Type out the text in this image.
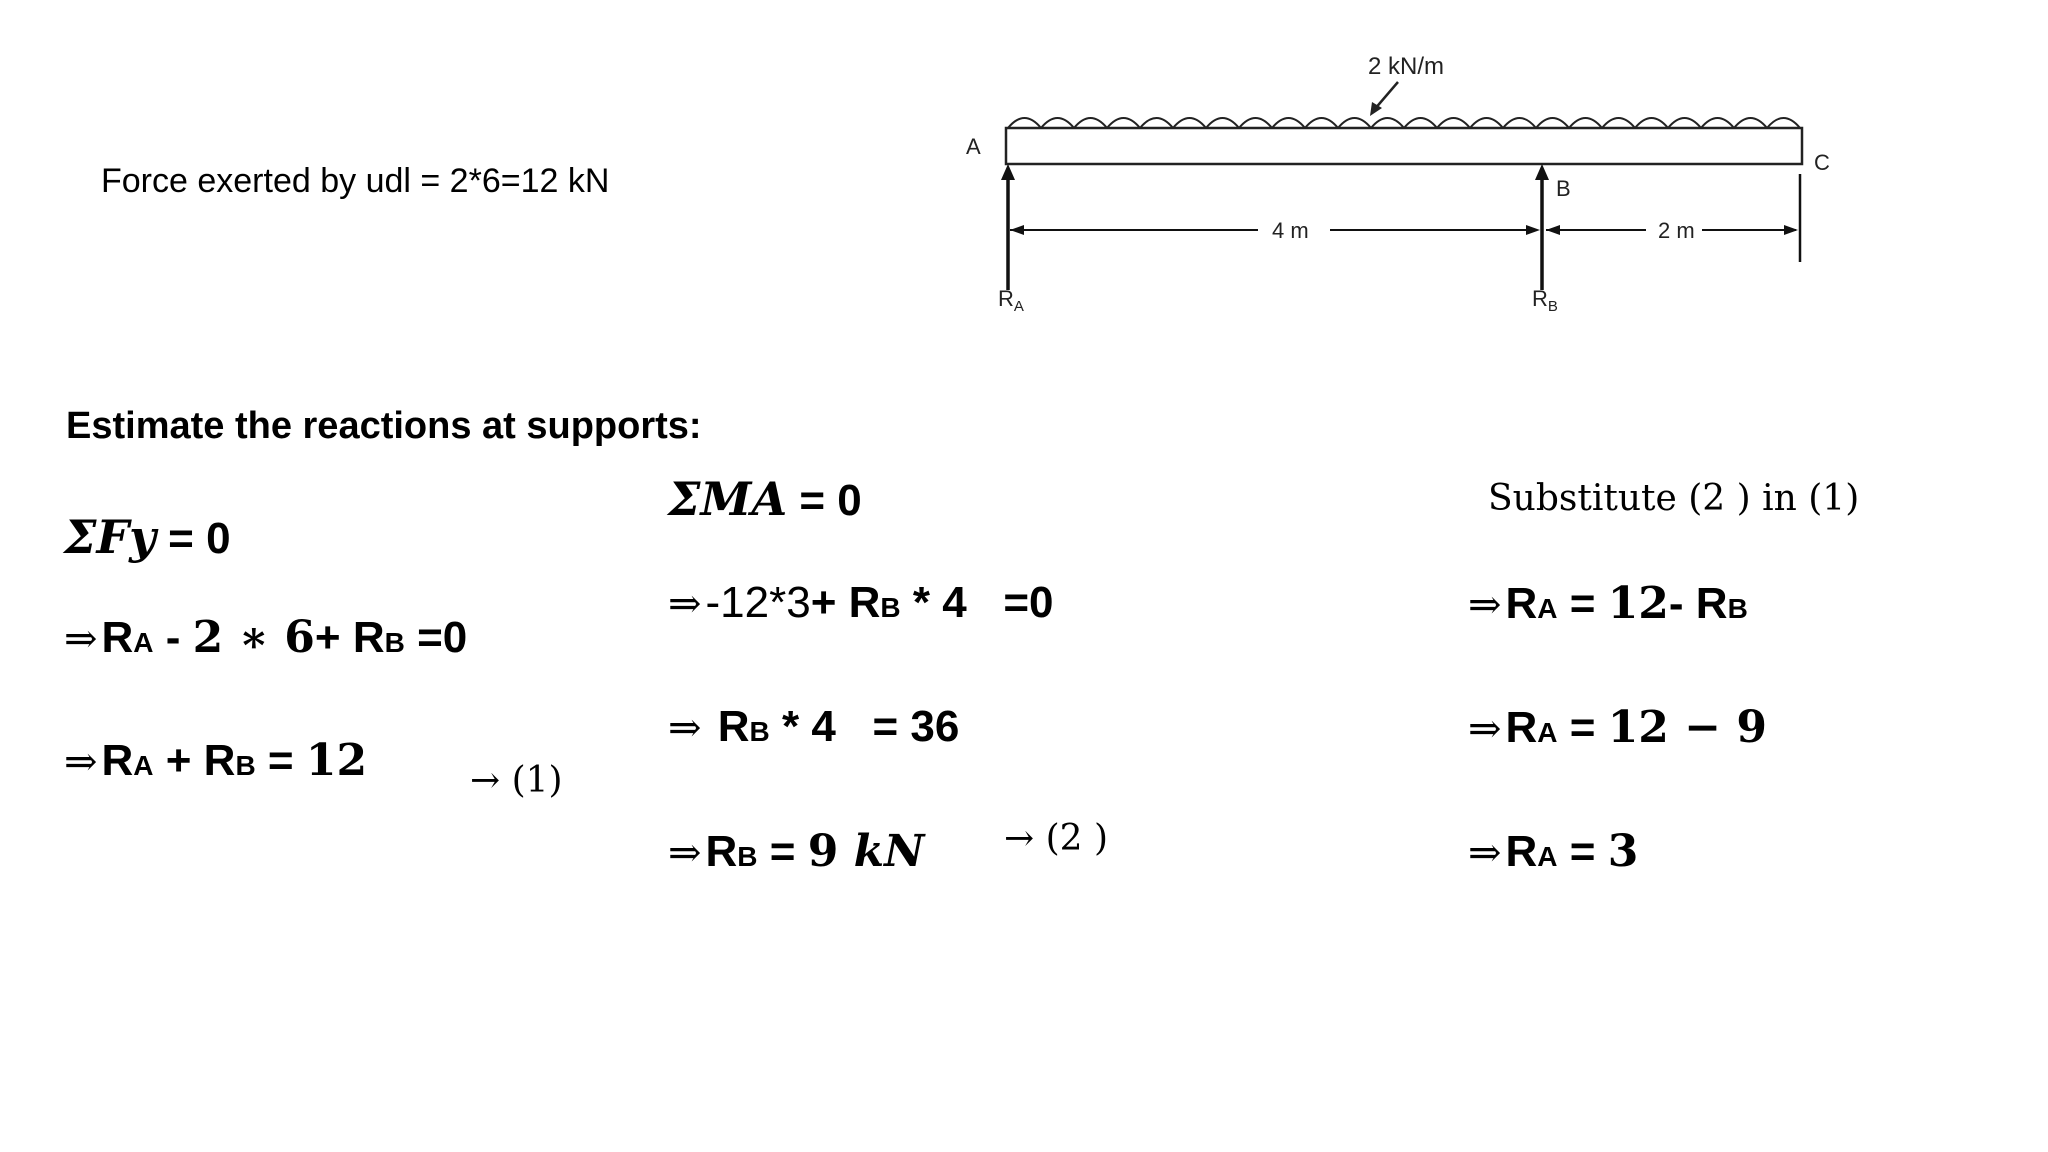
Force exerted by udl = 2*6=12 kN
2 kN/m
A
B
C
4 m	2 m
$R_A$	$R_B$
Estimate the reactions at supports:
ΣFy = 0
⇒ R A - 2 ∗ 6 + R B =0
⇒ R A + R B = 12	→ (1)
ΣMA = 0
⇒ -12*3 + R B * 4   =0
⇒ R B * 4   = 36
⇒ R B = 9 kN → (2 )
Substitute (2 ) in (1)
⇒ R A = 12 - R B
⇒ R A = 12 − 9
⇒ R A = 3
